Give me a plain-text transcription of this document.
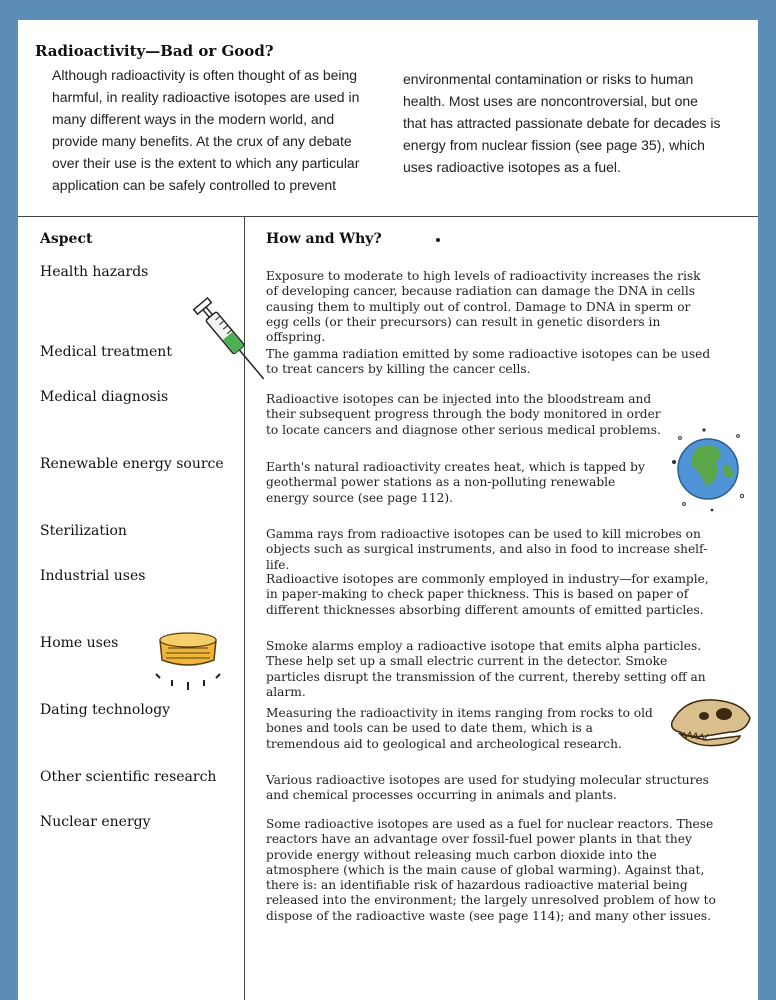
Radioactivity—Bad or Good?
Although radioactivity is often thought of as being harmful, in reality radioactive isotopes are used in many different ways in the modern world, and provide many benefits. At the crux of any debate over their use is the extent to which any particular application can be safely controlled to prevent
environmental contamination or risks to human health. Most uses are noncontroversial, but one that has attracted passionate debate for decades is energy from nuclear fission (see page 35), which uses radioactive isotopes as a fuel.
Aspect	How and Why?
Health hazards	Exposure to moderate to high levels of radioactivity increases the risk of developing cancer, because radiation can damage the DNA in cells causing them to multiply out of control. Damage to DNA in sperm or egg cells (or their precursors) can result in genetic disorders in offspring.
Medical treatment	The gamma radiation emitted by some radioactive isotopes can be used to treat cancers by killing the cancer cells.
Medical diagnosis	Radioactive isotopes can be injected into the bloodstream and their subsequent progress through the body monitored in order to locate cancers and diagnose other serious medical problems.
Renewable energy source	Earth's natural radioactivity creates heat, which is tapped by geothermal power stations as a non-polluting renewable energy source (see page 112).
Sterilization	Gamma rays from radioactive isotopes can be used to kill microbes on objects such as surgical instruments, and also in food to increase shelf-life.
Industrial uses	Radioactive isotopes are commonly employed in industry—for example, in paper-making to check paper thickness. This is based on paper of different thicknesses absorbing different amounts of emitted particles.
Home uses	Smoke alarms employ a radioactive isotope that emits alpha particles. These help set up a small electric current in the detector. Smoke particles disrupt the transmission of the current, thereby setting off an alarm.
Dating technology	Measuring the radioactivity in items ranging from rocks to old bones and tools can be used to date them, which is a tremendous aid to geological and archeological research.
Other scientific research	Various radioactive isotopes are used for studying molecular structures and chemical processes occurring in animals and plants.
Nuclear energy	Some radioactive isotopes are used as a fuel for nuclear reactors. These reactors have an advantage over fossil-fuel power plants in that they provide energy without releasing much carbon dioxide into the atmosphere (which is the main cause of global warming). Against that, there is: an identifiable risk of hazardous radioactive material being released into the environment; the largely unresolved problem of how to dispose of the radioactive waste (see page 114); and many other issues.
